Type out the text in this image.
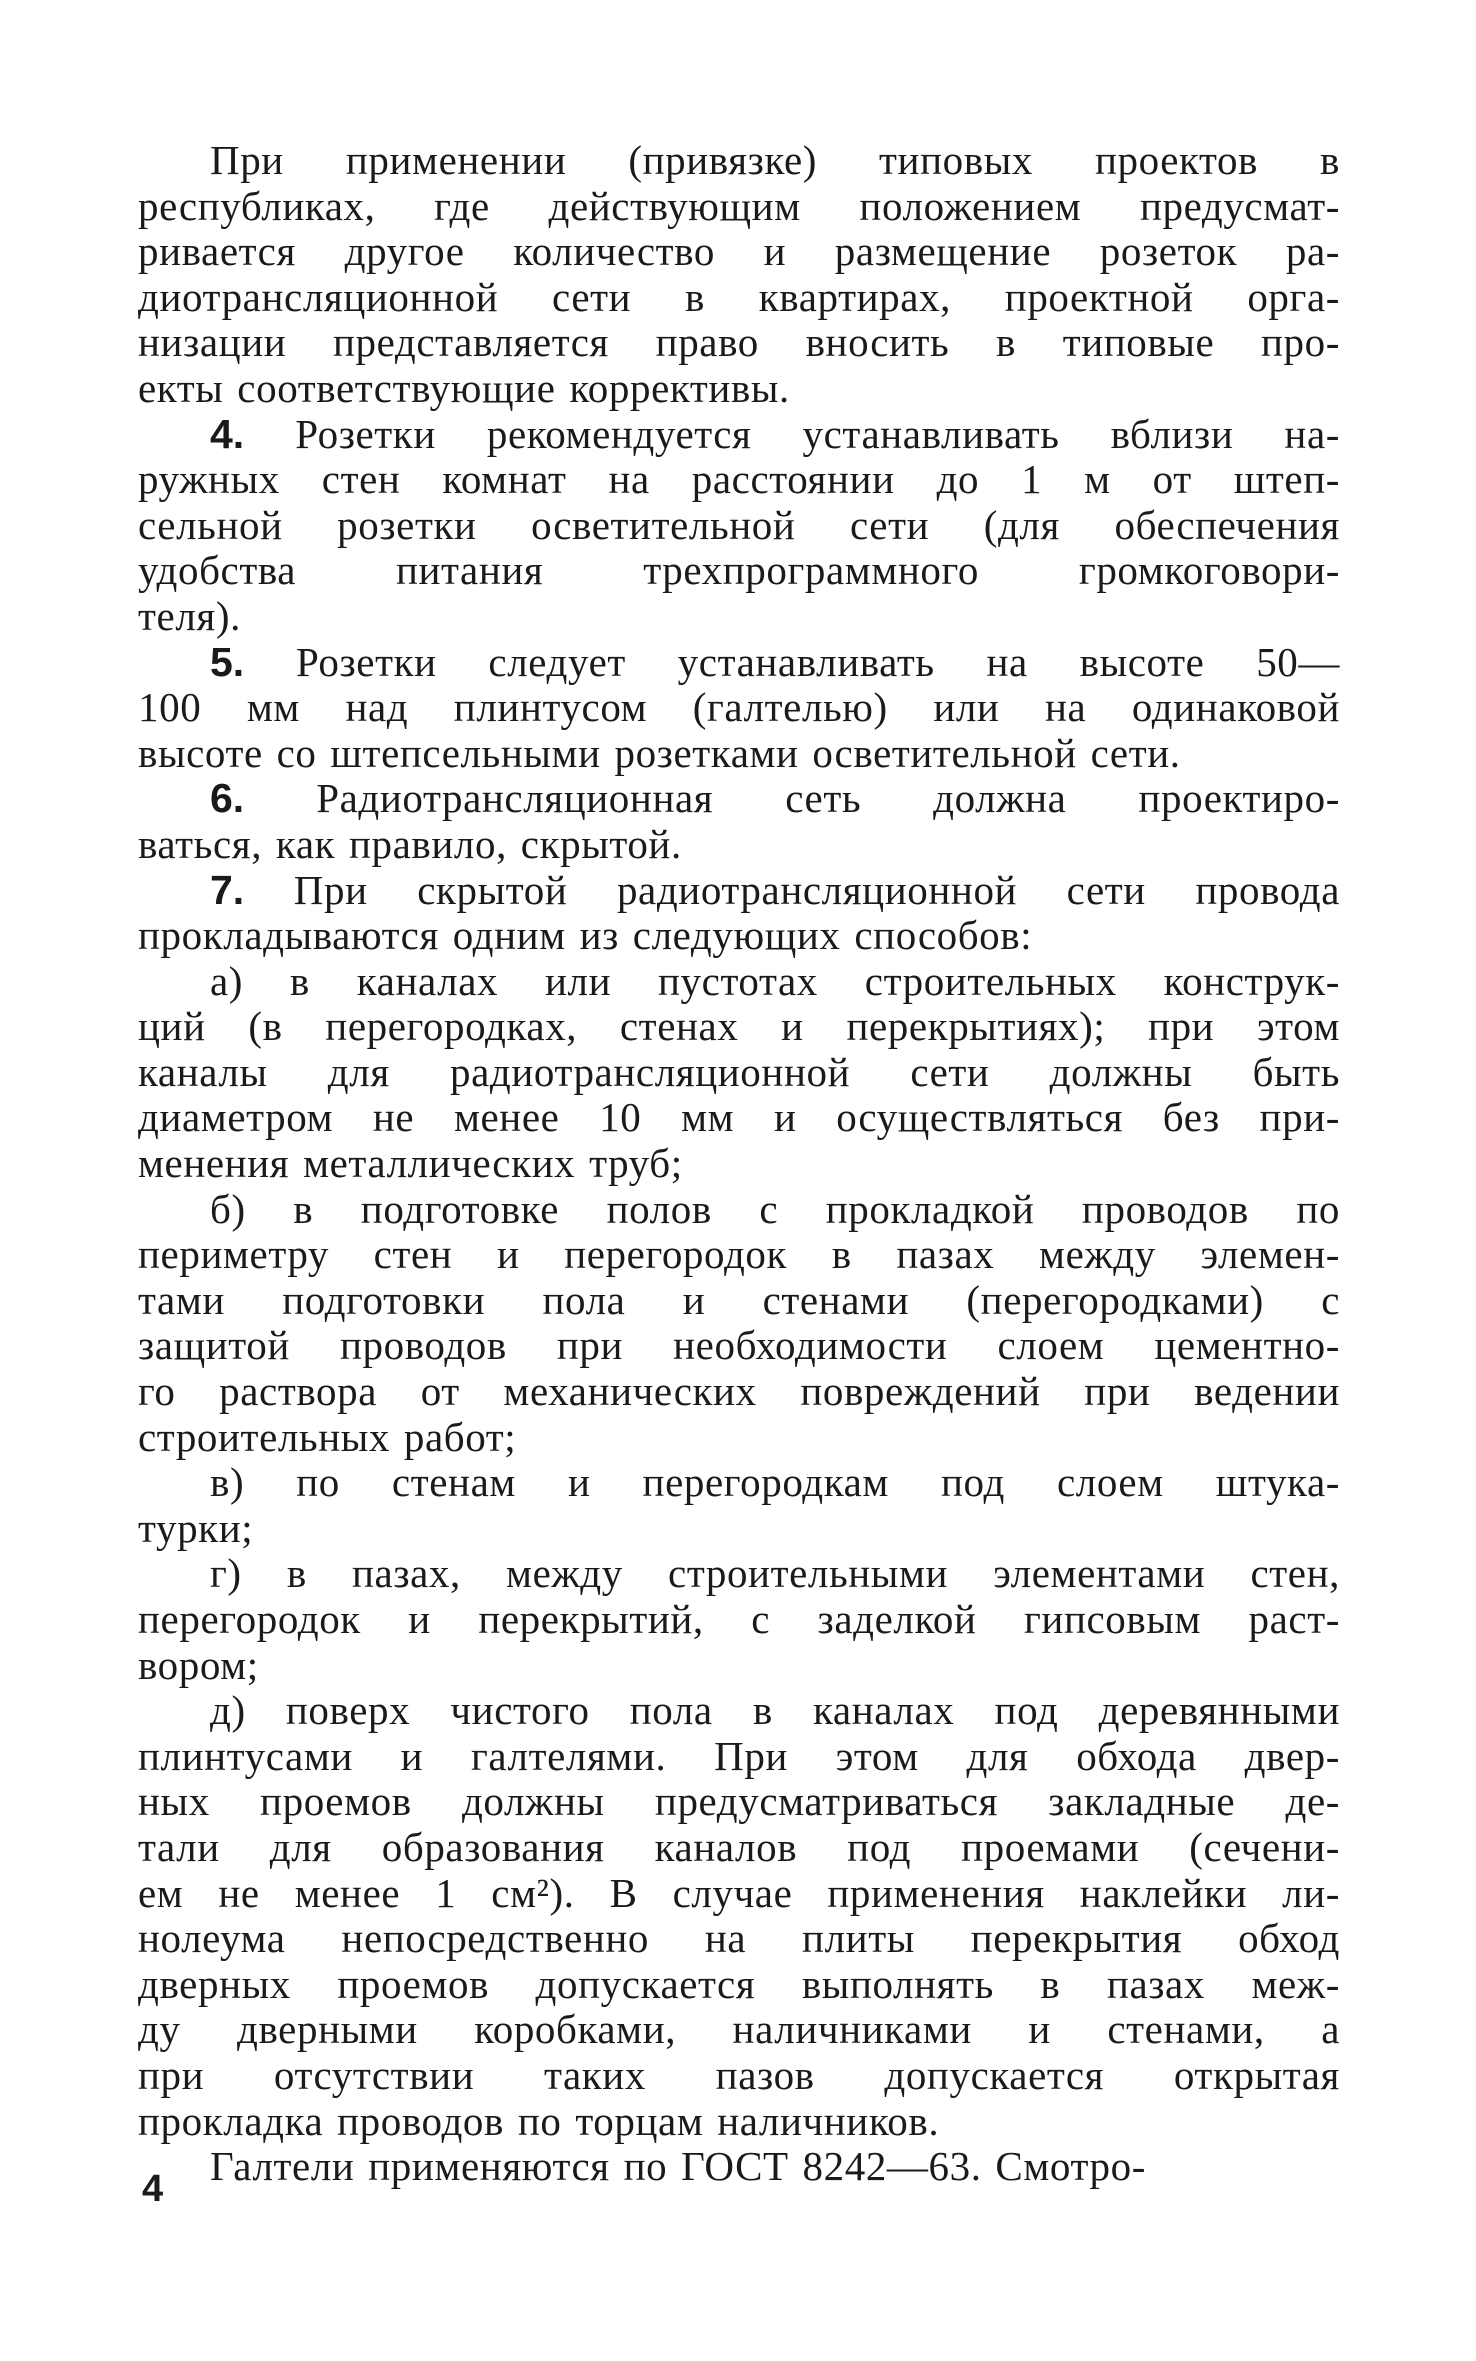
При применении (привязке) типовых проектов в
республиках, где действующим положением предусмат-
ривается другое количество и размещение розеток ра-
диотрансляционной сети в квартирах, проектной орга-
низации представляется право вносить в типовые про-
екты соответствующие коррективы.
4. Розетки рекомендуется устанавливать вблизи на-
ружных стен комнат на расстоянии до 1 м от штеп-
сельной розетки осветительной сети (для обеспечения
удобства питания трехпрограммного громкоговори-
теля).
5. Розетки следует устанавливать на высоте 50—
100 мм над плинтусом (галтелью) или на одинаковой
высоте со штепсельными розетками осветительной сети.
6. Радиотрансляционная сеть должна проектиро-
ваться, как правило, скрытой.
7. При скрытой радиотрансляционной сети провода
прокладываются одним из следующих способов:
а) в каналах или пустотах строительных конструк-
ций (в перегородках, стенах и перекрытиях); при этом
каналы для радиотрансляционной сети должны быть
диаметром не менее 10 мм и осуществляться без при-
менения металлических труб;
б) в подготовке полов с прокладкой проводов по
периметру стен и перегородок в пазах между элемен-
тами подготовки пола и стенами (перегородками) с
защитой проводов при необходимости слоем цементно-
го раствора от механических повреждений при ведении
строительных работ;
в) по стенам и перегородкам под слоем штука-
турки;
г) в пазах, между строительными элементами стен,
перегородок и перекрытий, с заделкой гипсовым раст-
вором;
д) поверх чистого пола в каналах под деревянными
плинтусами и галтелями. При этом для обхода двер-
ных проемов должны предусматриваться закладные де-
тали для образования каналов под проемами (сечени-
ем не менее 1 см²). В случае применения наклейки ли-
нолеума непосредственно на плиты перекрытия обход
дверных проемов допускается выполнять в пазах меж-
ду дверными коробками, наличниками и стенами, а
при отсутствии таких пазов допускается открытая
прокладка проводов по торцам наличников.
Галтели применяются по ГОСТ 8242—63. Смотро-
4
